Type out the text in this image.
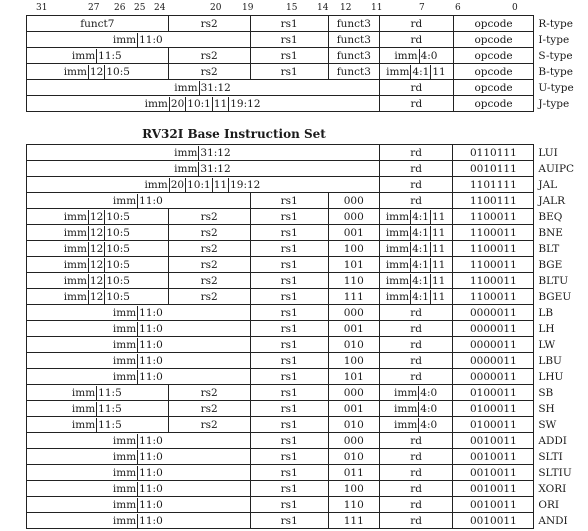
31	27 26 25 24	20 19	15 14 12 11	7	6	0
funct7	rs2	rs1	funct3	rd	opcode	R-type
imm 11:0		rs1	funct3	rd	opcode	I-type
imm 11:5	rs2	rs1	funct3	imm 4:0	opcode	S-type
imm 12 10:5	rs2	rs1	funct3	imm 4:1 11	opcode	B-type
imm 31:12				rd	opcode	U-type
imm 20 10:1 11 19:12				rd	opcode	J-type
RV32I Base Instruction Set
imm 31:12				rd	0110111	LUI
imm 31:12				rd	0010111	AUIPC
imm 20 10:1 11 19:12				rd	1101111	JAL
imm 11:0		rs1	000	rd	1100111	JALR
imm 12 10:5	rs2	rs1	000	imm 4:1 11	1100011	BEQ
imm 12 10:5	rs2	rs1	001	imm 4:1 11	1100011	BNE
imm 12 10:5	rs2	rs1	100	imm 4:1 11	1100011	BLT
imm 12 10:5	rs2	rs1	101	imm 4:1 11	1100011	BGE
imm 12 10:5	rs2	rs1	110	imm 4:1 11	1100011	BLTU
imm 12 10:5	rs2	rs1	111	imm 4:1 11	1100011	BGEU
imm 11:0		rs1	000	rd	0000011	LB
imm 11:0		rs1	001	rd	0000011	LH
imm 11:0		rs1	010	rd	0000011	LW
imm 11:0		rs1	100	rd	0000011	LBU
imm 11:0		rs1	101	rd	0000011	LHU
imm 11:5	rs2	rs1	000	imm 4:0	0100011	SB
imm 11:5	rs2	rs1	001	imm 4:0	0100011	SH
imm 11:5	rs2	rs1	010	imm 4:0	0100011	SW
imm 11:0		rs1	000	rd	0010011	ADDI
imm 11:0		rs1	010	rd	0010011	SLTI
imm 11:0		rs1	011	rd	0010011	SLTIU
imm 11:0		rs1	100	rd	0010011	XORI
imm 11:0		rs1	110	rd	0010011	ORI
imm 11:0		rs1	111	rd	0010011	ANDI
